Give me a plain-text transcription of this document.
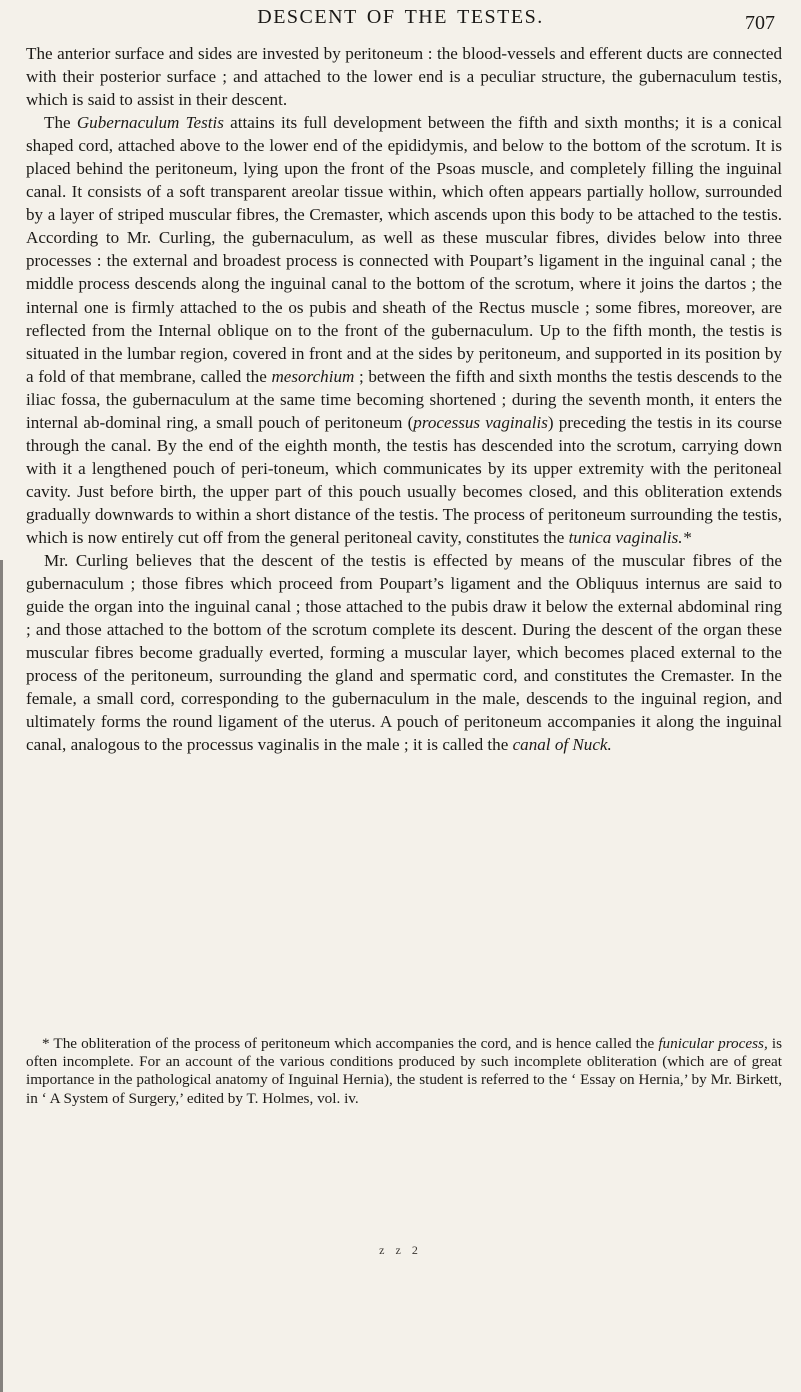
DESCENT OF THE TESTES.	707

The anterior surface and sides are invested by peritoneum : the blood-vessels and efferent ducts are connected with their posterior surface ; and attached to the lower end is a peculiar structure, the gubernaculum testis, which is said to assist in their descent.

The Gubernaculum Testis attains its full development between the fifth and sixth months; it is a conical shaped cord, attached above to the lower end of the epididymis, and below to the bottom of the scrotum. It is placed behind the peritoneum, lying upon the front of the Psoas muscle, and completely filling the inguinal canal. It consists of a soft transparent areolar tissue within, which often appears partially hollow, surrounded by a layer of striped muscular fibres, the Cremaster, which ascends upon this body to be attached to the testis. According to Mr. Curling, the gubernaculum, as well as these muscular fibres, divides below into three processes : the external and broadest process is connected with Poupart’s ligament in the inguinal canal ; the middle process descends along the inguinal canal to the bottom of the scrotum, where it joins the dartos ; the internal one is firmly attached to the os pubis and sheath of the Rectus muscle ; some fibres, moreover, are reflected from the Internal oblique on to the front of the gubernaculum. Up to the fifth month, the testis is situated in the lumbar region, covered in front and at the sides by peritoneum, and supported in its position by a fold of that membrane, called the mesorchium ; between the fifth and sixth months the testis descends to the iliac fossa, the gubernaculum at the same time becoming shortened ; during the seventh month, it enters the internal ab-dominal ring, a small pouch of peritoneum (processus vaginalis) preceding the testis in its course through the canal. By the end of the eighth month, the testis has descended into the scrotum, carrying down with it a lengthened pouch of peri-toneum, which communicates by its upper extremity with the peritoneal cavity. Just before birth, the upper part of this pouch usually becomes closed, and this obliteration extends gradually downwards to within a short distance of the testis. The process of peritoneum surrounding the testis, which is now entirely cut off from the general peritoneal cavity, constitutes the tunica vaginalis.*

Mr. Curling believes that the descent of the testis is effected by means of the muscular fibres of the gubernaculum ; those fibres which proceed from Poupart’s ligament and the Obliquus internus are said to guide the organ into the inguinal canal ; those attached to the pubis draw it below the external abdominal ring ; and those attached to the bottom of the scrotum complete its descent. During the descent of the organ these muscular fibres become gradually everted, forming a muscular layer, which becomes placed external to the process of the peritoneum, surrounding the gland and spermatic cord, and constitutes the Cremaster. In the female, a small cord, corresponding to the gubernaculum in the male, descends to the inguinal region, and ultimately forms the round ligament of the uterus. A pouch of peritoneum accompanies it along the inguinal canal, analogous to the processus vaginalis in the male ; it is called the canal of Nuck.

* The obliteration of the process of peritoneum which accompanies the cord, and is hence called the funicular process, is often incomplete. For an account of the various conditions produced by such incomplete obliteration (which are of great importance in the pathological anatomy of Inguinal Hernia), the student is referred to the ‘ Essay on Hernia,’ by Mr. Birkett, in ‘ A System of Surgery,’ edited by T. Holmes, vol. iv.

z z 2
